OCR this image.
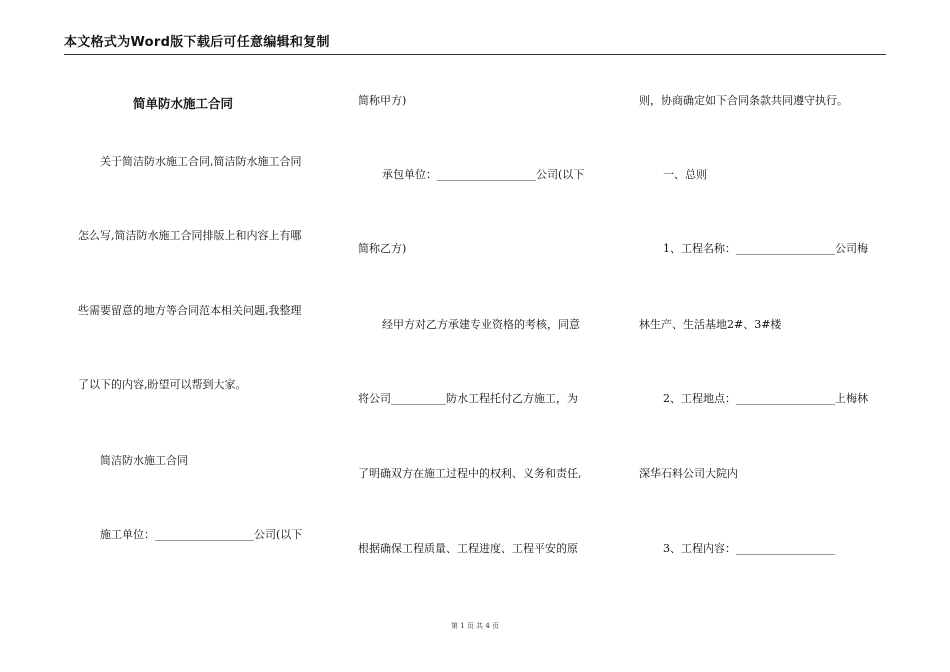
本文格式为Word版下载后可任意编辑和复制
简单防水施工合同
关于简洁防水施工合同,简洁防水施工合同
怎么写,简洁防水施工合同排版上和内容上有哪
些需要留意的地方等合同范本相关问题,我整理
了以下的内容,盼望可以帮到大家。
简洁防水施工合同
施工单位：__________________公司(以下
简称甲方)
承包单位：__________________公司(以下
简称乙方)
经甲方对乙方承建专业资格的考核，同意
将公司__________防水工程托付乙方施工，为
了明确双方在施工过程中的权利、义务和责任,
根据确保工程质量、工程进度、工程平安的原
则，协商确定如下合同条款共同遵守执行。
一、总则
1、工程名称：__________________公司梅
林生产、生活基地2#、3#楼
2、工程地点：__________________上梅林
深华石料公司大院内
3、工程内容：__________________
第 1 页 共 4 页
